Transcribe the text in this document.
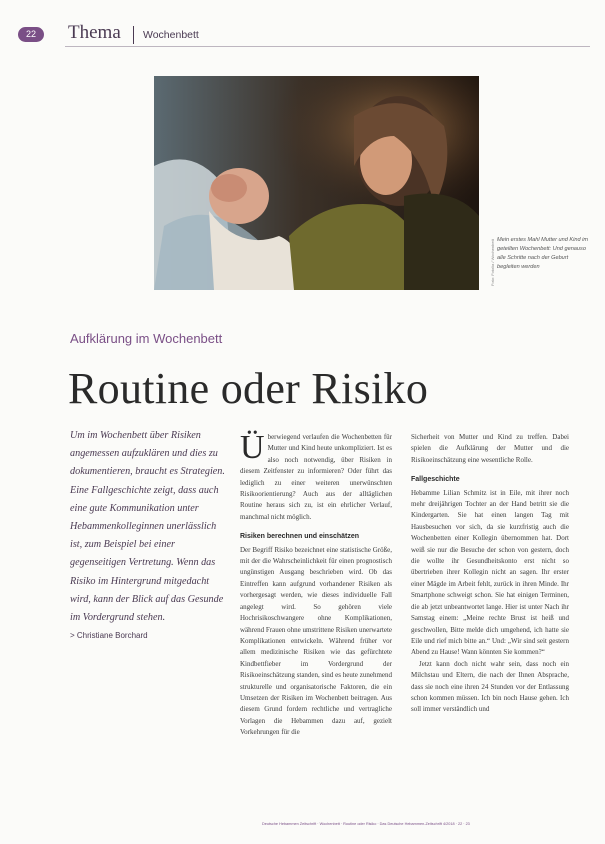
22	Thema Wochenbett
Foto: Fotolia / Wochenbett Mein erstes Mahl Mutter und Kind im geteilten Wochenbett: Und genauso alle Schritte nach der Geburt begleiten werden
Aufklärung im Wochenbett
Routine oder Risiko
Um im Wochenbett über Risiken angemessen aufzuklären und dies zu dokumentieren, braucht es Strategien. Eine Fallgeschichte zeigt, dass auch eine gute Kommunikation unter Hebammenkolleginnen unerlässlich ist, zum Beispiel bei einer gegenseitigen Vertretung. Wenn das Risiko im Hintergrund mitgedacht wird, kann der Blick auf das Gesunde im Vordergrund stehen.
> Christiane Borchard
Ü berwiegend verlaufen die Wochenbetten für Mutter und Kind heute unkompliziert. Ist es also noch notwendig, über Risiken in diesem Zeitfenster zu informieren? Oder führt das lediglich zu einer weiteren unerwünschten Risikoorientierung? Auch aus der alltäglichen Routine heraus sich zu, ist ein ehrlicher Verlauf, manchmal nicht möglich.

Risiken berechnen und einschätzen

Der Begriff Risiko bezeichnet eine statistische Größe, mit der die Wahrscheinlichkeit für einen prognostisch ungünstigen Ausgang beschrieben wird. Ob das Eintreffen kann aufgrund vorhandener Risiken als vorhergesagt werden, wie dieses individuelle Fall angelegt wird. So gehören viele Hochrisikoschwangere ohne Komplikationen, während Frauen ohne umstrittene Risiken unerwartete Komplikationen entwickeln. Während früher vor allem medizinische Risiken wie das gefürchtete Kindbettfieber im Vordergrund der Risikoeinschätzung standen, sind es heute zunehmend strukturelle und organisatorische Faktoren, die ein Umsetzen der Risiken im Wochenbett beitragen. Aus diesem Grund fordern rechtliche und vertragliche Vorlagen die Hebammen dazu auf, gezielt Vorkehrungen für die

Sicherheit von Mutter und Kind zu treffen. Dabei spielen die Aufklärung der Mutter und die Risikoeinschätzung eine wesentliche Rolle.

Fallgeschichte

Hebamme Lilian Schmitz ist in Eile, mit ihrer noch mehr dreijährigen Tochter an der Hand betritt sie die Kindergarten. Sie hat einen langen Tag mit Hausbesuchen vor sich, da sie kurzfristig auch die Wochenbetten einer Kollegin übernommen hat. Dort weiß sie nur die Besuche der schon von gestern, doch die wollte ihr Gesundheitskonto erst nicht so übertrieben ihrer Kollegin nicht an sagen. Ihr erster einer Mägde im Arbeit fehlt, zurück in ihren Minde. Ihr Smartphone schweigt schon. Sie hat einigen Terminen, die ab jetzt unbeantwortet lange. Hier ist unter Nach ihr Samstag einem: „Meine rechte Brust ist heiß und geschwollen, Bitte melde dich umgehend, ich hatte sie Eile und rief mich bitte an.“ Und: „Wir sind seit gestern Abend zu Hause! Wann könnten Sie kommen?“

Jetzt kann doch nicht wahr sein, dass noch ein Milchstau und Eltern, die nach der Ihnen Absprache, dass sie noch eine ihren 24 Stunden vor der Entlassung schon kommen müssen. Ich bin noch Hause gehen. Ich soll immer verständlich und

Deutsche Hebammen Zeitschrift · Wochenbett · Routine oder Risiko · Das Deutsche Hebammen-Zeitschrift 4/2018 · 22 · 23
